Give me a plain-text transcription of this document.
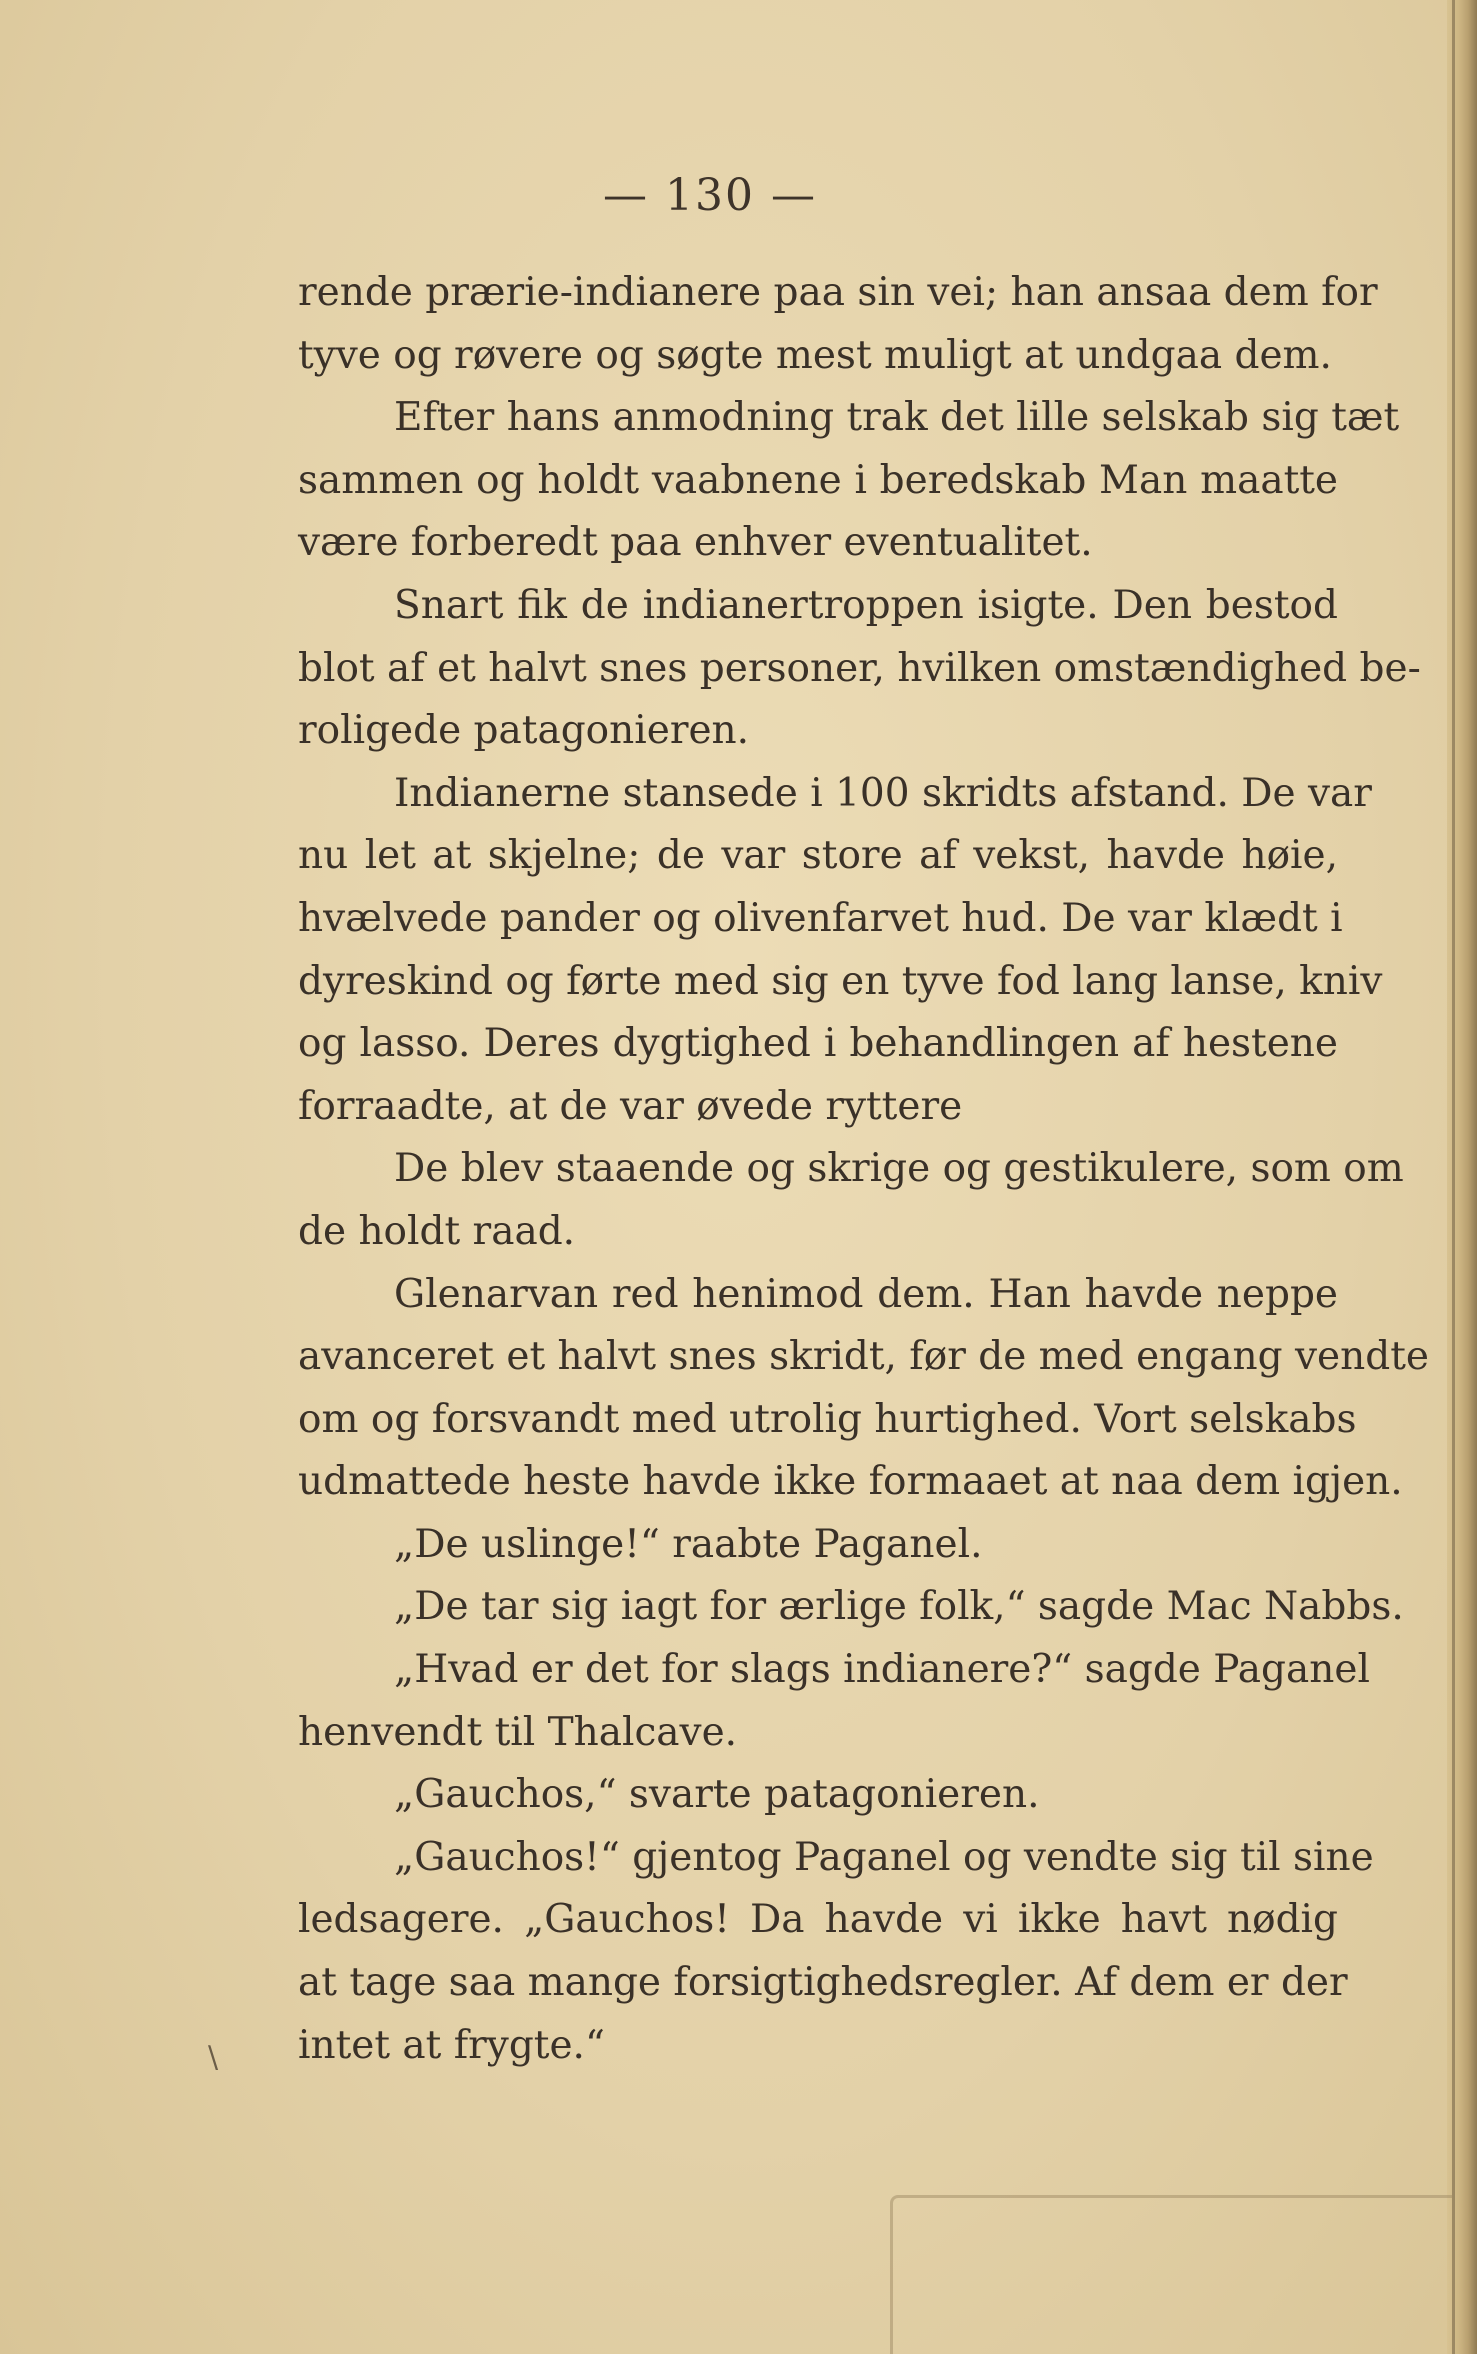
— 130 —
rende prærie-indianere paa sin vei; han ansaa dem for
tyve og røvere og søgte mest muligt at undgaa dem.
Efter hans anmodning trak det lille selskab sig tæt
sammen og holdt vaabnene i beredskab Man maatte
være forberedt paa enhver eventualitet.
Snart fik de indianertroppen isigte. Den bestod
blot af et halvt snes personer, hvilken omstændighed be-
roligede patagonieren.
Indianerne stansede i 100 skridts afstand. De var
nu let at skjelne; de var store af vekst, havde høie,
hvælvede pander og olivenfarvet hud. De var klædt i
dyreskind og førte med sig en tyve fod lang lanse, kniv
og lasso. Deres dygtighed i behandlingen af hestene
forraadte, at de var øvede ryttere
De blev staaende og skrige og gestikulere, som om
de holdt raad.
Glenarvan red henimod dem. Han havde neppe
avanceret et halvt snes skridt, før de med engang vendte
om og forsvandt med utrolig hurtighed. Vort selskabs
udmattede heste havde ikke formaaet at naa dem igjen.
„De uslinge!“ raabte Paganel.
„De tar sig iagt for ærlige folk,“ sagde Mac Nabbs.
„Hvad er det for slags indianere?“ sagde Paganel
henvendt til Thalcave.
„Gauchos,“ svarte patagonieren.
„Gauchos!“ gjentog Paganel og vendte sig til sine
ledsagere. „Gauchos! Da havde vi ikke havt nødig
at tage saa mange forsigtighedsregler. Af dem er der
intet at frygte.“
\
